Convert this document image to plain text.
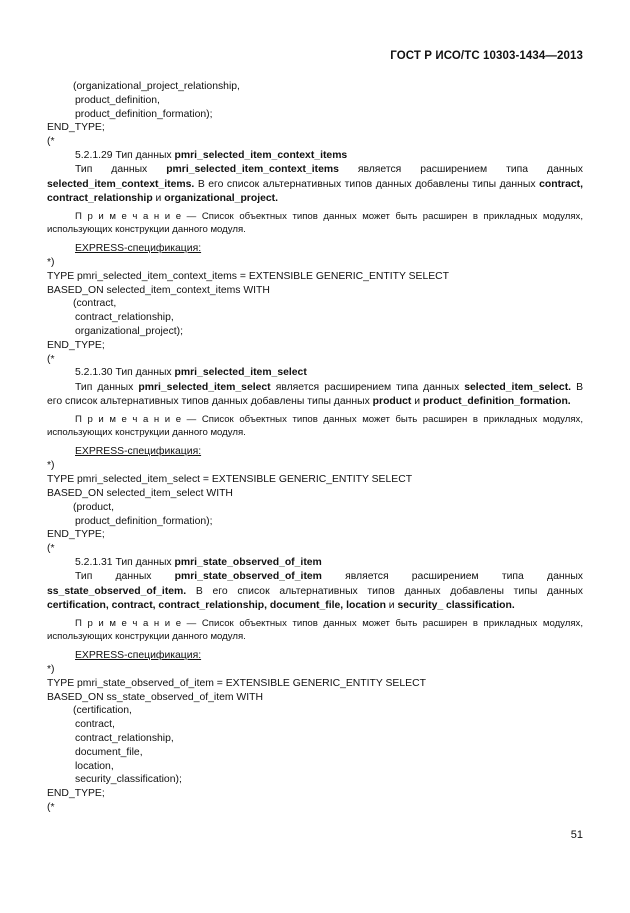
ГОСТ Р ИСО/ТС 10303-1434—2013
(organizational_project_relationship,
product_definition,
product_definition_formation);
END_TYPE;
(*
5.2.1.29 Тип данных pmri_selected_item_context_items
Тип данных pmri_selected_item_context_items является расширением типа данных selected_item_context_items. В его список альтернативных типов данных добавлены типы данных contract, contract_relationship и organizational_project.
П р и м е ч а н и е — Список объектных типов данных может быть расширен в прикладных модулях, использующих конструкции данного модуля.
EXPRESS-спецификация:
*)
TYPE pmri_selected_item_context_items = EXTENSIBLE GENERIC_ENTITY SELECT
BASED_ON selected_item_context_items WITH
(contract,
contract_relationship,
organizational_project);
END_TYPE;
(*
5.2.1.30 Тип данных pmri_selected_item_select
Тип данных pmri_selected_item_select является расширением типа данных selected_item_select. В его список альтернативных типов данных добавлены типы данных product и product_definition_formation.
П р и м е ч а н и е — Список объектных типов данных может быть расширен в прикладных модулях, использующих конструкции данного модуля.
EXPRESS-спецификация:
*)
TYPE pmri_selected_item_select = EXTENSIBLE GENERIC_ENTITY SELECT
BASED_ON selected_item_select WITH
(product,
product_definition_formation);
END_TYPE;
(*
5.2.1.31 Тип данных pmri_state_observed_of_item
Тип данных pmri_state_observed_of_item является расширением типа данных ss_state_observed_of_item. В его список альтернативных типов данных добавлены типы данных certification, contract, contract_relationship, document_file, location и security_ classification.
П р и м е ч а н и е — Список объектных типов данных может быть расширен в прикладных модулях, использующих конструкции данного модуля.
EXPRESS-спецификация:
*)
TYPE pmri_state_observed_of_item = EXTENSIBLE GENERIC_ENTITY SELECT
BASED_ON ss_state_observed_of_item WITH
(certification,
contract,
contract_relationship,
document_file,
location,
security_classification);
END_TYPE;
(*
51
